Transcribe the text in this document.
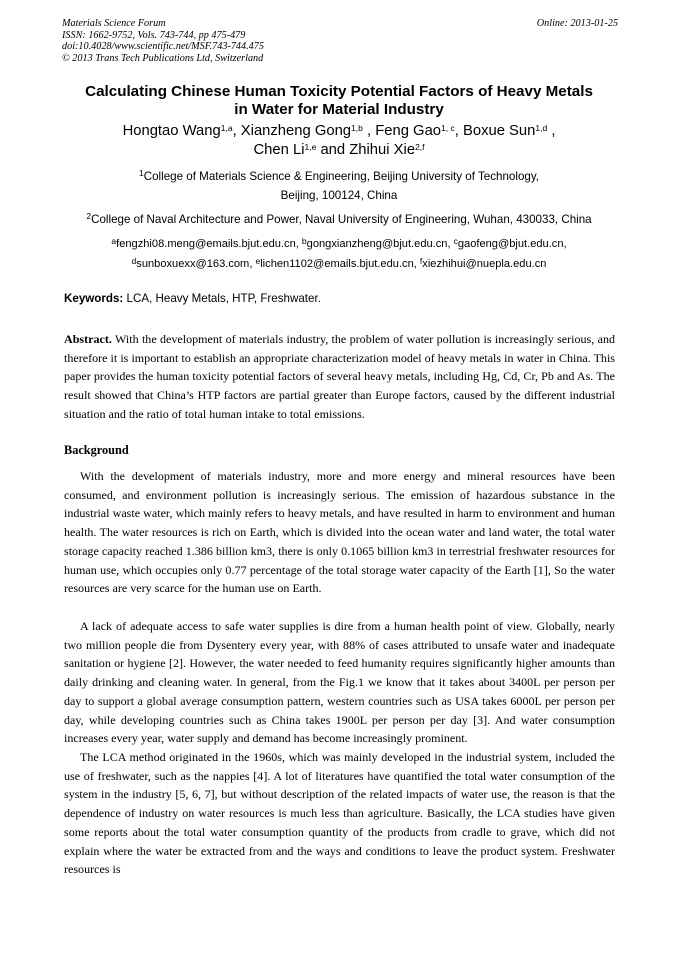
Materials Science Forum
ISSN: 1662-9752, Vols. 743-744, pp 475-479
doi:10.4028/www.scientific.net/MSF.743-744.475
© 2013 Trans Tech Publications Ltd, Switzerland
Online: 2013-01-25
Calculating Chinese Human Toxicity Potential Factors of Heavy Metals
in Water for Material Industry
Hongtao Wang$^{1,a}$, Xianzheng Gong$^{1,b}$ , Feng Gao$^{1, c}$, Boxue Sun$^{1,d}$ ,
Chen Li$^{1,e}$ and Zhihui Xie$^{2,f}$
$^1$College of Materials Science & Engineering, Beijing University of Technology,
Beijing, 100124, China
$^2$College of Naval Architecture and Power, Naval University of Engineering, Wuhan, 430033, China
$^a$fengzhi08.meng@emails.bjut.edu.cn, $^b$gongxianzheng@bjut.edu.cn, $^c$gaofeng@bjut.edu.cn,
$^d$sunboxuexx@163.com, $^e$lichen1102@emails.bjut.edu.cn, $^f$xiezhihui@nuepla.edu.cn
Keywords: LCA, Heavy Metals, HTP, Freshwater.
Abstract. With the development of materials industry, the problem of water pollution is increasingly serious, and therefore it is important to establish an appropriate characterization model of heavy metals in water in China. This paper provides the human toxicity potential factors of several heavy metals, including Hg, Cd, Cr, Pb and As. The result showed that China’s HTP factors are partial greater than Europe factors, caused by the different industrial situation and the ratio of total human intake to total emissions.
Background
With the development of materials industry, more and more energy and mineral resources have been consumed, and environment pollution is increasingly serious. The emission of hazardous substance in the industrial waste water, which mainly refers to heavy metals, and have resulted in harm to environment and human health. The water resources is rich on Earth, which is divided into the ocean water and land water, the total water storage capacity reached 1.386 billion km3, there is only 0.1065 billion km3 in terrestrial freshwater resources for human use, which occupies only 0.77 percentage of the total storage water capacity of the Earth [1], So the water resources are very scarce for the human use on Earth.
A lack of adequate access to safe water supplies is dire from a human health point of view. Globally, nearly two million people die from Dysentery every year, with 88% of cases attributed to unsafe water and inadequate sanitation or hygiene [2]. However, the water needed to feed humanity requires significantly higher amounts than daily drinking and cleaning water. In general, from the Fig.1 we know that it takes about 3400L per person per day to support a global average consumption pattern, western countries such as USA takes 6000L per person per day, while developing countries such as China takes 1900L per person per day [3]. And water consumption increases every year, water supply and demand has become increasingly prominent.
The LCA method originated in the 1960s, which was mainly developed in the industrial system, included the use of freshwater, such as the nappies [4]. A lot of literatures have quantified the total water consumption of the system in the industry [5, 6, 7], but without description of the related impacts of water use, the reason is that the dependence of industry on water resources is much less than agriculture. Basically, the LCA studies have given some reports about the total water consumption quantity of the products from cradle to grave, which did not explain where the water be extracted from and the ways and conditions to leave the product system. Freshwater resources is
